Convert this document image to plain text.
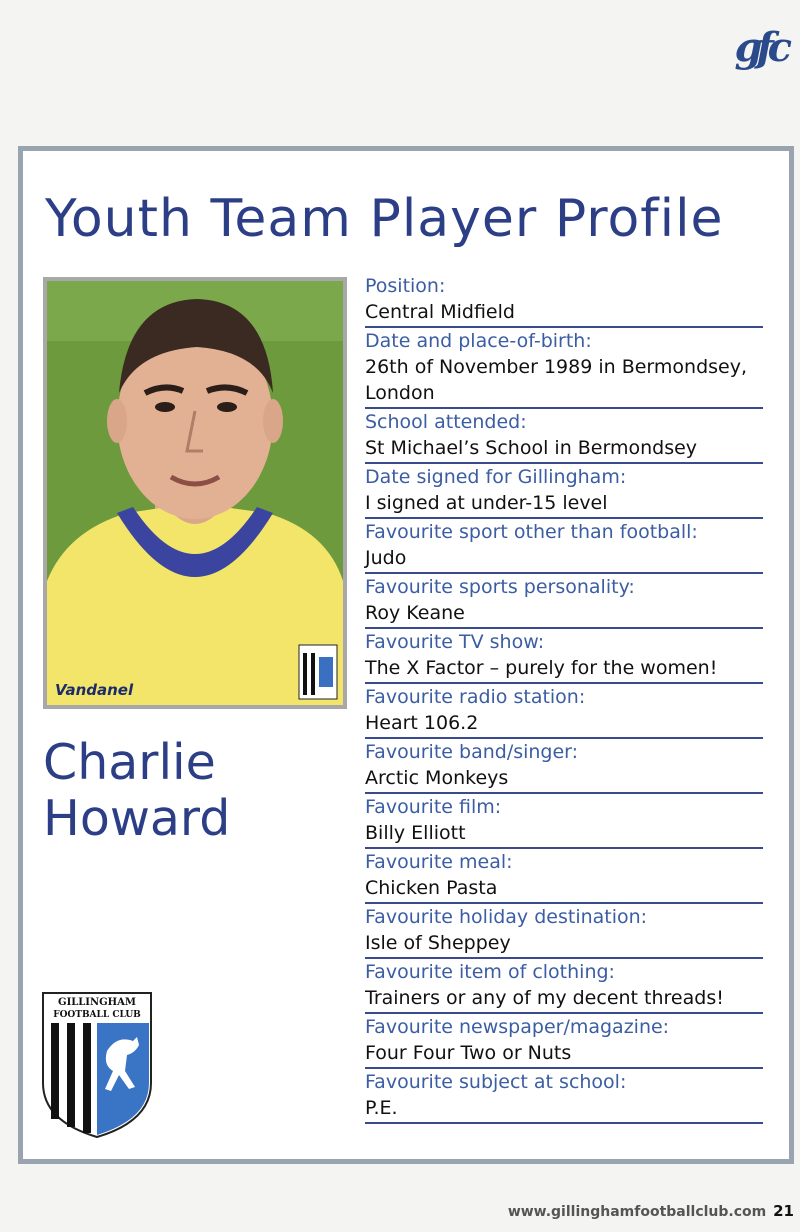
gfc
Youth Team Player Profile
Vandanel
Charlie
Howard
GILLINGHAM
FOOTBALL CLUB
Position:
Central Midfield
Date and place-of-birth:
26th of November 1989 in Bermondsey, London
School attended:
St Michael’s School in Bermondsey
Date signed for Gillingham:
I signed at under-15 level
Favourite sport other than football:
Judo
Favourite sports personality:
Roy Keane
Favourite TV show:
The X Factor – purely for the women!
Favourite radio station:
Heart 106.2
Favourite band/singer:
Arctic Monkeys
Favourite film:
Billy Elliott
Favourite meal:
Chicken Pasta
Favourite holiday destination:
Isle of Sheppey
Favourite item of clothing:
Trainers or any of my decent threads!
Favourite newspaper/magazine:
Four Four Two or Nuts
Favourite subject at school:
P.E.
www.gillinghamfootballclub.com 21
